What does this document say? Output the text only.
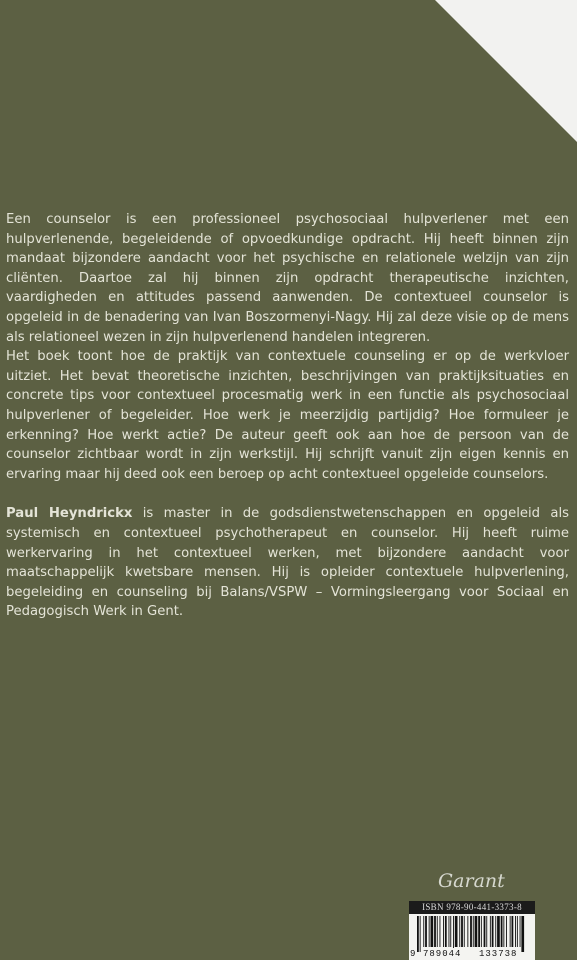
Een counselor is een professioneel psychosociaal hulpverlener met een hulpverlenende, begeleidende of opvoedkundige opdracht. Hij heeft binnen zijn mandaat bijzondere aandacht voor het psychische en relationele welzijn van zijn cliënten. Daartoe zal hij binnen zijn opdracht therapeutische inzichten, vaardigheden en attitudes passend aanwenden. De contextueel counselor is opgeleid in de benadering van Ivan Boszormenyi-Nagy. Hij zal deze visie op de mens als relationeel wezen in zijn hulpverlenend handelen integreren.

Het boek toont hoe de praktijk van contextuele counseling er op de werkvloer uitziet. Het bevat theoretische inzichten, beschrijvingen van praktijksituaties en concrete tips voor contextueel procesmatig werk in een functie als psychosociaal hulpverlener of begeleider. Hoe werk je meerzijdig partijdig? Hoe formuleer je erkenning? Hoe werkt actie? De auteur geeft ook aan hoe de persoon van de counselor zichtbaar wordt in zijn werkstijl. Hij schrijft vanuit zijn eigen kennis en ervaring maar hij deed ook een beroep op acht contextueel opgeleide counselors.

Paul Heyndrickx is master in de godsdienstwetenschappen en opgeleid als systemisch en contextueel psychotherapeut en counselor. Hij heeft ruime werkervaring in het contextueel werken, met bijzondere aandacht voor maatschappelijk kwetsbare mensen. Hij is opleider contextuele hulpverlening, begeleiding en counseling bij Balans/VSPW – Vormingsleergang voor Sociaal en Pedagogisch Werk in Gent.

Garant
ISBN 978-90-441-3373-8
9 789044 133738
